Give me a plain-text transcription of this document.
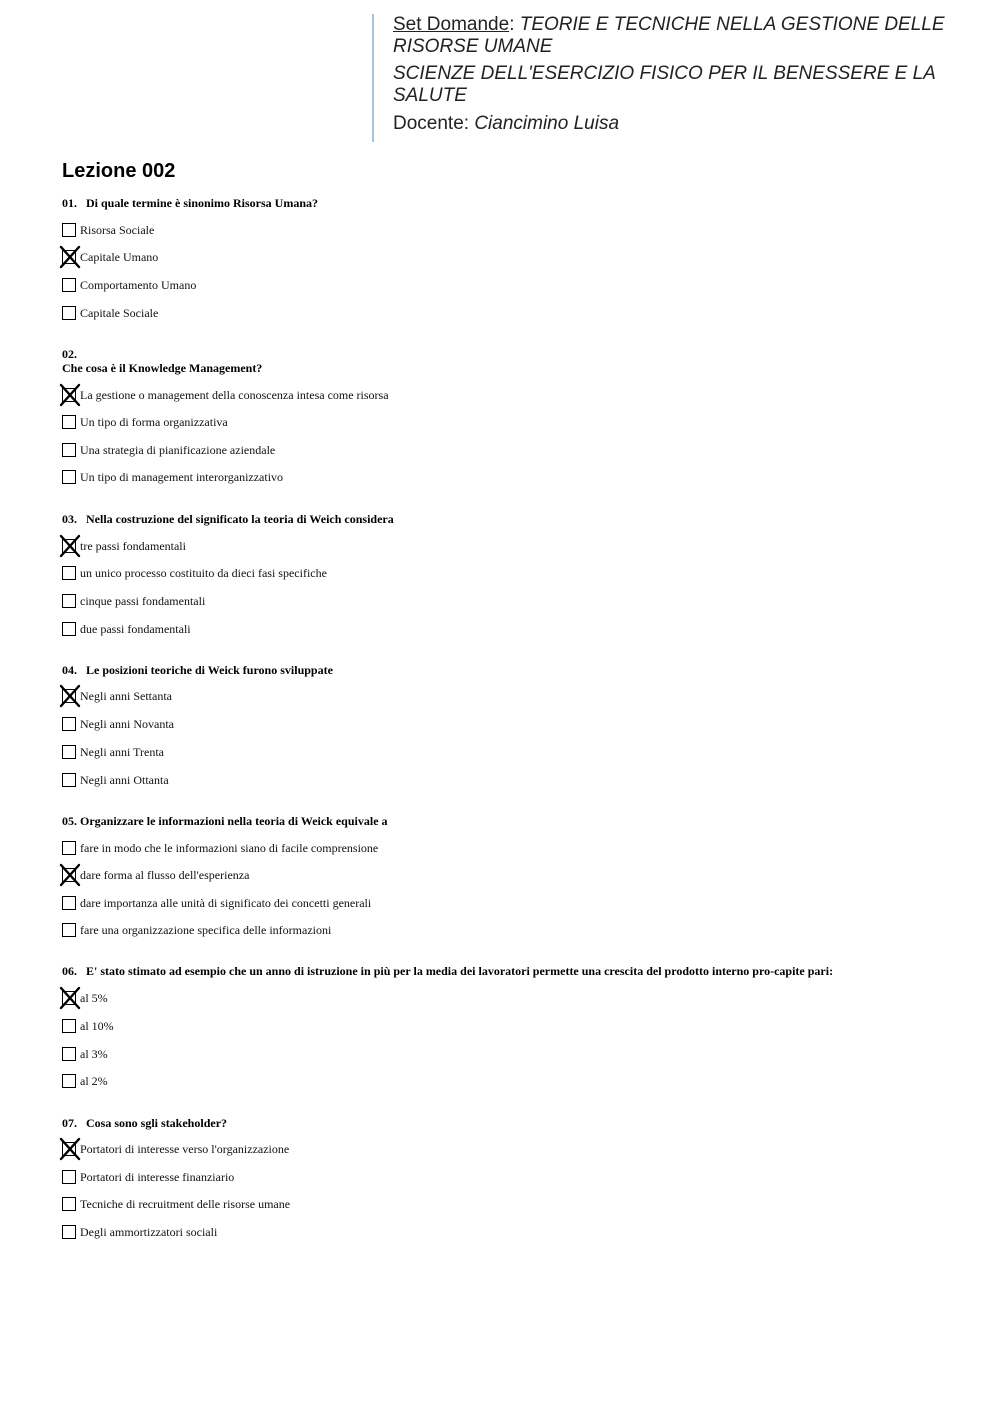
Set Domande: TEORIE E TECNICHE NELLA GESTIONE DELLE RISORSE UMANE
SCIENZE DELL'ESERCIZIO FISICO PER IL BENESSERE E LA SALUTE
Docente: Ciancimino Luisa
Lezione 002
01. Di quale termine è sinonimo Risorsa Umana?
Risorsa Sociale
Capitale Umano
Comportamento Umano
Capitale Sociale
02.
Che cosa è il Knowledge Management?
La gestione o management della conoscenza intesa come risorsa
Un tipo di forma organizzativa
Una strategia di pianificazione aziendale
Un tipo di management interorganizzativo
03. Nella costruzione del significato la teoria di Weich considera
tre passi fondamentali
un unico processo costituito da dieci fasi specifiche
cinque passi fondamentali
due passi fondamentali
04. Le posizioni teoriche di Weick furono sviluppate
Negli anni Settanta
Negli anni Novanta
Negli anni Trenta
Negli anni Ottanta
05. Organizzare le informazioni nella teoria di Weick equivale a
fare in modo che le informazioni siano di facile comprensione
dare forma al flusso dell'esperienza
dare importanza alle unità di significato dei concetti generali
fare una organizzazione specifica delle informazioni
06. E' stato stimato ad esempio che un anno di istruzione in più per la media dei lavoratori permette una crescita del prodotto interno pro-capite pari:
al 5%
al 10%
al 3%
al 2%
07. Cosa sono sgli stakeholder?
Portatori di interesse verso l'organizzazione
Portatori di interesse finanziario
Tecniche di recruitment delle risorse umane
Degli ammortizzatori sociali
